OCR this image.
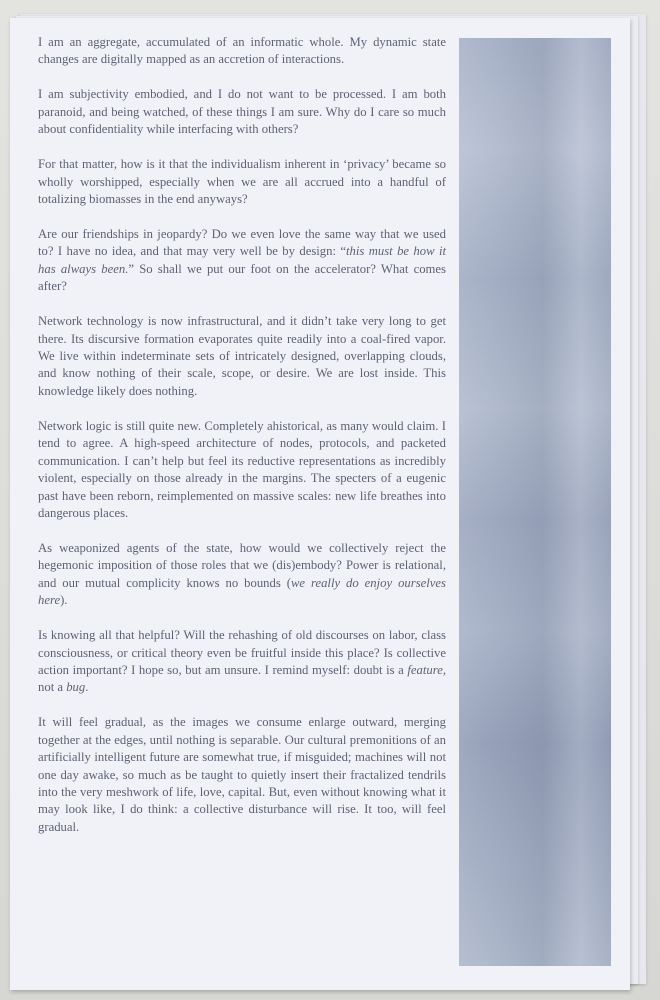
I am an aggregate, accumulated of an informatic whole. My dynamic state changes are digitally mapped as an accretion of interactions.

I am subjectivity embodied, and I do not want to be processed. I am both paranoid, and being watched, of these things I am sure. Why do I care so much about confidentiality while interfacing with others?

For that matter, how is it that the individualism inherent in ‘privacy’ became so wholly worshipped, especially when we are all accrued into a handful of totalizing biomasses in the end anyways?

Are our friendships in jeopardy? Do we even love the same way that we used to? I have no idea, and that may very well be by design: “this must be how it has always been.” So shall we put our foot on the accelerator? What comes after?

Network technology is now infrastructural, and it didn’t take very long to get there. Its discursive formation evaporates quite readily into a coal-fired vapor. We live within indeterminate sets of intricately designed, overlapping clouds, and know nothing of their scale, scope, or desire. We are lost inside. This knowledge likely does nothing.

Network logic is still quite new. Completely ahistorical, as many would claim. I tend to agree. A high-speed architecture of nodes, protocols, and packeted communication. I can’t help but feel its reductive representations as incredibly violent, especially on those already in the margins. The specters of a eugenic past have been reborn, reimplemented on massive scales: new life breathes into dangerous places.

As weaponized agents of the state, how would we collectively reject the hegemonic imposition of those roles that we (dis)embody? Power is relational, and our mutual complicity knows no bounds (we really do enjoy ourselves here).

Is knowing all that helpful? Will the rehashing of old discourses on labor, class consciousness, or critical theory even be fruitful inside this place? Is collective action important? I hope so, but am unsure. I remind myself: doubt is a feature, not a bug.

It will feel gradual, as the images we consume enlarge outward, merging together at the edges, until nothing is separable. Our cultural premonitions of an artificially intelligent future are somewhat true, if misguided; machines will not one day awake, so much as be taught to quietly insert their fractalized tendrils into the very meshwork of life, love, capital. But, even without knowing what it may look like, I do think: a collective disturbance will rise. It too, will feel gradual.
